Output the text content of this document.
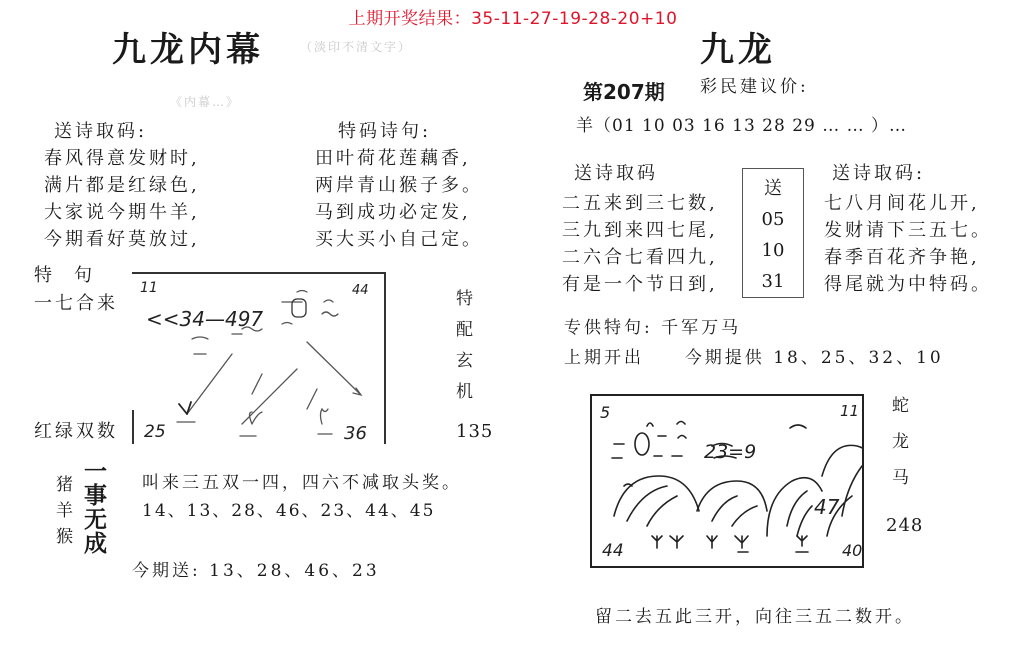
上期开奖结果：35-11-27-19-28-20+10
九龙内幕	（淡印不清文字）
《内幕…》
送诗取码:
春风得意发财时,
满片都是红绿色,
大家说今期牛羊,
今期看好莫放过,
特码诗句:
田叶荷花莲藕香,
两岸青山猴子多。
马到成功必定发,
买大买小自己定。
特　句
一七合来
红绿双数
11	44
<<34—497
25	36
特
配
玄
机
135
猪
羊
猴
一
事
无
成
叫来三五双一四，四六不减取头奖。
14、13、28、46、23、44、45
今期送: 13、28、46、23
九龙
第207期 彩民建议价:
羊（01 10 03 16 13 28 29 … … ）…
送诗取码
二五来到三七数,
三九到来四七尾,
二六合七看四九,
有是一个节日到,
送
05
10
31
送诗取码:
七八月间花儿开,
发财请下三五七。
春季百花齐争艳,
得尾就为中特码。
专供特句: 千军万马
上期开出 今期提供 18、25、32、10
5	11
23=9
47
44	40
蛇
龙
马
248
留二去五此三开，向往三五二数开。
